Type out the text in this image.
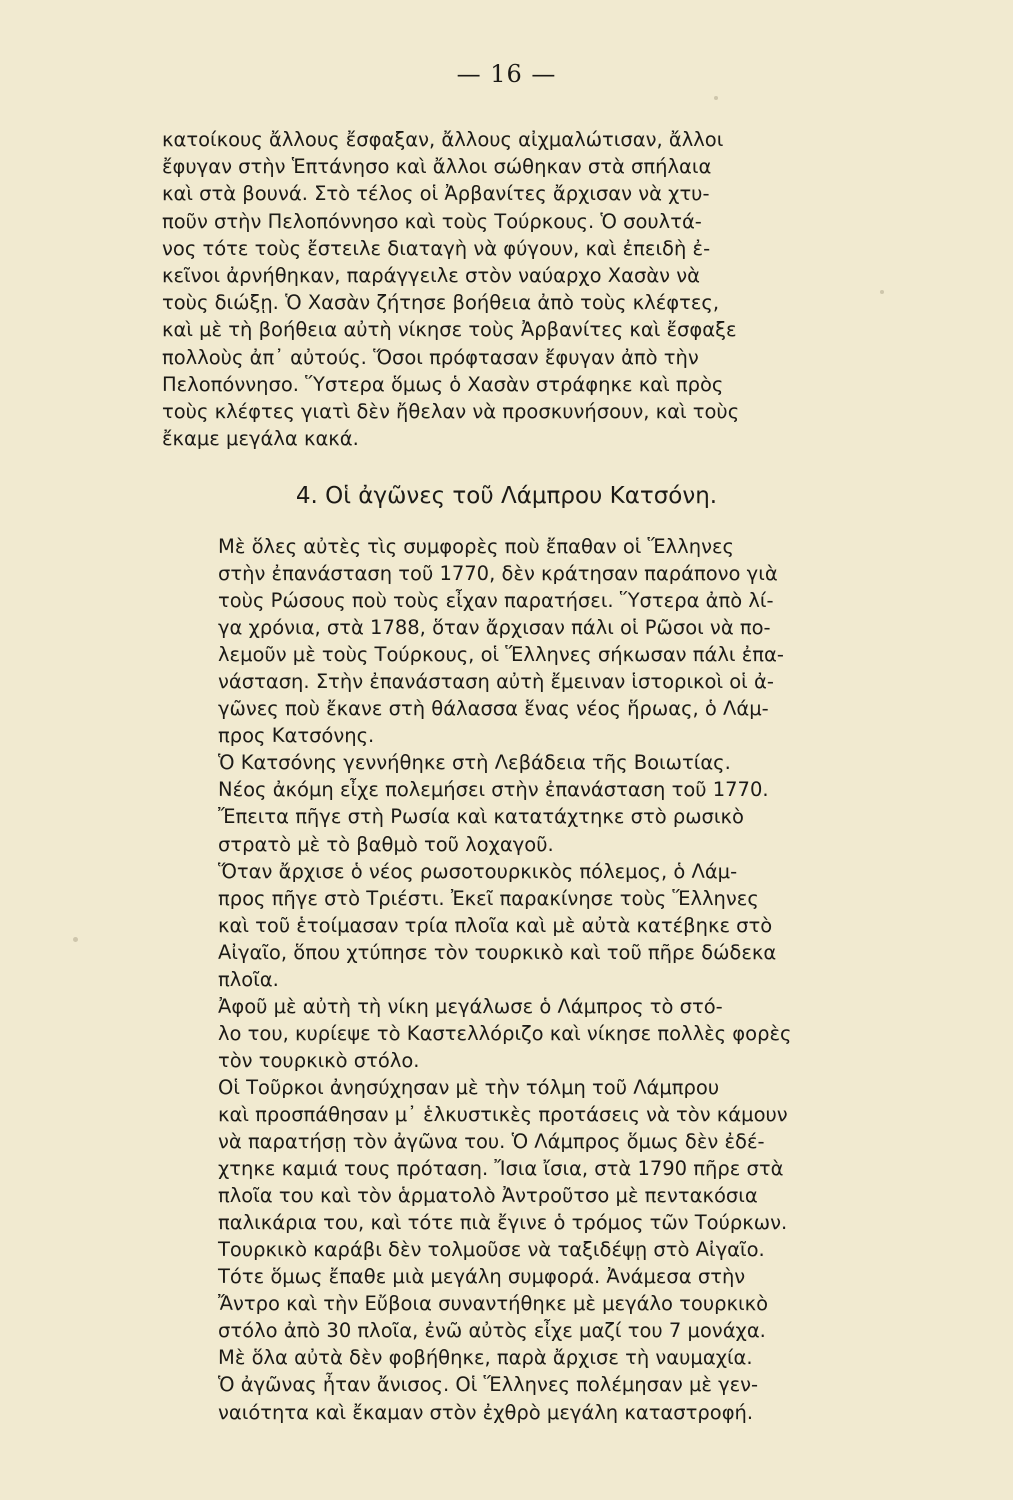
— 16 —

κατοίκους ἄλλους ἔσφαξαν, ἄλλους αἰχμαλώτισαν, ἄλλοι
ἔφυγαν στὴν Ἑπτάνησο καὶ ἄλλοι σώθηκαν στὰ σπήλαια
καὶ στὰ βουνά. Στὸ τέλος οἱ Ἀρβανίτες ἄρχισαν νὰ χτυ-
ποῦν στὴν Πελοπόννησο καὶ τοὺς Τούρκους. Ὁ σουλτά-
νος τότε τοὺς ἔστειλε διαταγὴ νὰ φύγουν, καὶ ἐπειδὴ ἐ-
κεῖνοι ἀρνήθηκαν, παράγγειλε στὸν ναύαρχο Χασὰν νὰ
τοὺς διώξῃ. Ὁ Χασὰν ζήτησε βοήθεια ἀπὸ τοὺς κλέφτες,
καὶ μὲ τὴ βοήθεια αὐτὴ νίκησε τοὺς Ἀρβανίτες καὶ ἔσφαξε
πολλοὺς ἀπ᾽ αὐτούς. Ὅσοι πρόφτασαν ἔφυγαν ἀπὸ τὴν
Πελοπόννησο. Ὕστερα ὅμως ὁ Χασὰν στράφηκε καὶ πρὸς
τοὺς κλέφτες γιατὶ δὲν ἤθελαν νὰ προσκυνήσουν, καὶ τοὺς
ἔκαμε μεγάλα κακά.

4. Οἱ ἀγῶνες τοῦ Λάμπρου Κατσόνη.

Μὲ ὅλες αὐτὲς τὶς συμφορὲς ποὺ ἔπαθαν οἱ Ἕλληνες
στὴν ἐπανάσταση τοῦ 1770, δὲν κράτησαν παράπονο γιὰ
τοὺς Ρώσους ποὺ τοὺς εἶχαν παρατήσει. Ὕστερα ἀπὸ λί-
γα χρόνια, στὰ 1788, ὅταν ἄρχισαν πάλι οἱ Ρῶσοι νὰ πο-
λεμοῦν μὲ τοὺς Τούρκους, οἱ Ἕλληνες σήκωσαν πάλι ἐπα-
νάσταση. Στὴν ἐπανάσταση αὐτὴ ἔμειναν ἱστορικοὶ οἱ ἀ-
γῶνες ποὺ ἔκανε στὴ θάλασσα ἕνας νέος ἥρωας, ὁ Λάμ-
προς Κατσόνης.

Ὁ Κατσόνης γεννήθηκε στὴ Λεβάδεια τῆς Βοιωτίας.
Νέος ἀκόμη εἶχε πολεμήσει στὴν ἐπανάσταση τοῦ 1770.
Ἔπειτα πῆγε στὴ Ρωσία καὶ κατατάχτηκε στὸ ρωσικὸ
στρατὸ μὲ τὸ βαθμὸ τοῦ λοχαγοῦ.

Ὅταν ἄρχισε ὁ νέος ρωσοτουρκικὸς πόλεμος, ὁ Λάμ-
προς πῆγε στὸ Τριέστι. Ἐκεῖ παρακίνησε τοὺς Ἕλληνες
καὶ τοῦ ἑτοίμασαν τρία πλοῖα καὶ μὲ αὐτὰ κατέβηκε στὸ
Αἰγαῖο, ὅπου χτύπησε τὸν τουρκικὸ καὶ τοῦ πῆρε δώδεκα
πλοῖα.

Ἀφοῦ μὲ αὐτὴ τὴ νίκη μεγάλωσε ὁ Λάμπρος τὸ στό-
λο του, κυρίεψε τὸ Καστελλόριζο καὶ νίκησε πολλὲς φορὲς
τὸν τουρκικὸ στόλο.

Οἱ Τοῦρκοι ἀνησύχησαν μὲ τὴν τόλμη τοῦ Λάμπρου
καὶ προσπάθησαν μ᾽ ἑλκυστικὲς προτάσεις νὰ τὸν κάμουν
νὰ παρατήσῃ τὸν ἀγῶνα του. Ὁ Λάμπρος ὅμως δὲν ἐδέ-
χτηκε καμιά τους πρόταση. Ἴσια ἴσια, στὰ 1790 πῆρε στὰ
πλοῖα του καὶ τὸν ἁρματολὸ Ἀντροῦτσο μὲ πεντακόσια
παλικάρια του, καὶ τότε πιὰ ἔγινε ὁ τρόμος τῶν Τούρκων.
Τουρκικὸ καράβι δὲν τολμοῦσε νὰ ταξιδέψῃ στὸ Αἰγαῖο.
Τότε ὅμως ἔπαθε μιὰ μεγάλη συμφορά. Ἀνάμεσα στὴν
Ἄντρο καὶ τὴν Εὔβοια συναντήθηκε μὲ μεγάλο τουρκικὸ
στόλο ἀπὸ 30 πλοῖα, ἐνῶ αὐτὸς εἶχε μαζί του 7 μονάχα.
Μὲ ὅλα αὐτὰ δὲν φοβήθηκε, παρὰ ἄρχισε τὴ ναυμαχία.
Ὁ ἀγῶνας ἦταν ἄνισος. Οἱ Ἕλληνες πολέμησαν μὲ γεν-
ναιότητα καὶ ἔκαμαν στὸν ἐχθρὸ μεγάλη καταστροφή.
